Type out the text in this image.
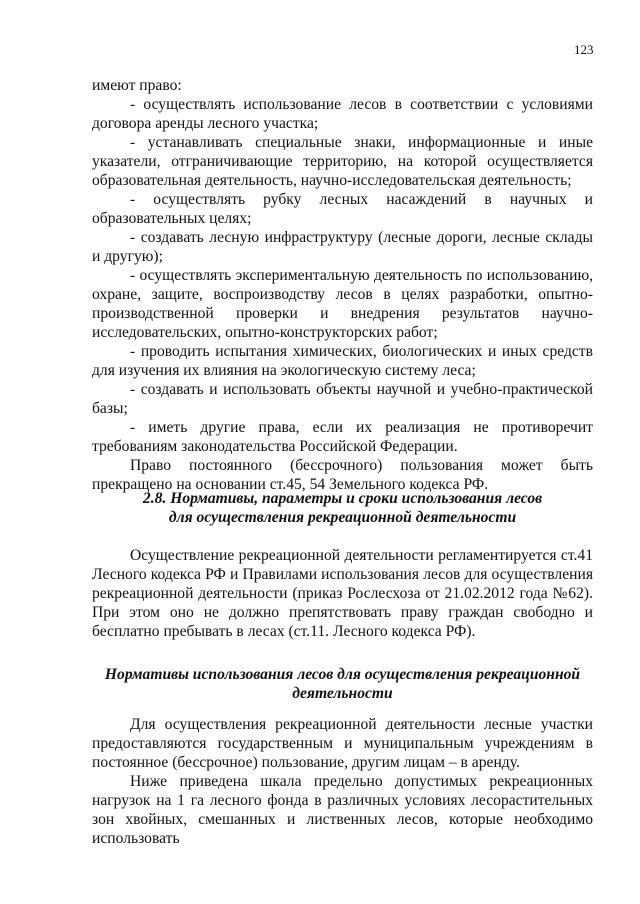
123

имеют право:

- осуществлять использование лесов в соответствии с условиями договора аренды лесного участка;

- устанавливать специальные знаки, информационные и иные указатели, отграничивающие территорию, на которой осуществляется образовательная деятельность, научно-исследовательская деятельность;

- осуществлять рубку лесных насаждений в научных и образовательных целях;

- создавать лесную инфраструктуру (лесные дороги, лесные склады и другую);

- осуществлять экспериментальную деятельность по использованию, охране, защите, воспроизводству лесов в целях разработки, опытно-производственной проверки и внедрения результатов научно-исследовательских, опытно-конструкторских работ;

- проводить испытания химических, биологических и иных средств для изучения их влияния на экологическую систему леса;

- создавать и использовать объекты научной и учебно-практической базы;

- иметь другие права, если их реализация не противоречит требованиям законодательства Российской Федерации.

Право постоянного (бессрочного) пользования может быть прекращено на основании ст.45, 54 Земельного кодекса РФ.

2.8. Нормативы, параметры и сроки использования лесов
для осуществления рекреационной деятельности

Осуществление рекреационной деятельности регламентируется ст.41 Лесного кодекса РФ и Правилами использования лесов для осуществления рекреационной деятельности (приказ Рослесхоза от 21.02.2012 года №62). При этом оно не должно препятствовать праву граждан свободно и бесплатно пребывать в лесах (ст.11. Лесного кодекса РФ).

Нормативы использования лесов для осуществления рекреационной
деятельности

Для осуществления рекреационной деятельности лесные участки предоставляются государственным и муниципальным учреждениям в постоянное (бессрочное) пользование, другим лицам – в аренду.

Ниже приведена шкала предельно допустимых рекреационных нагрузок на 1 га лесного фонда в различных условиях лесорастительных зон хвойных, смешанных и лиственных лесов, которые необходимо использовать
